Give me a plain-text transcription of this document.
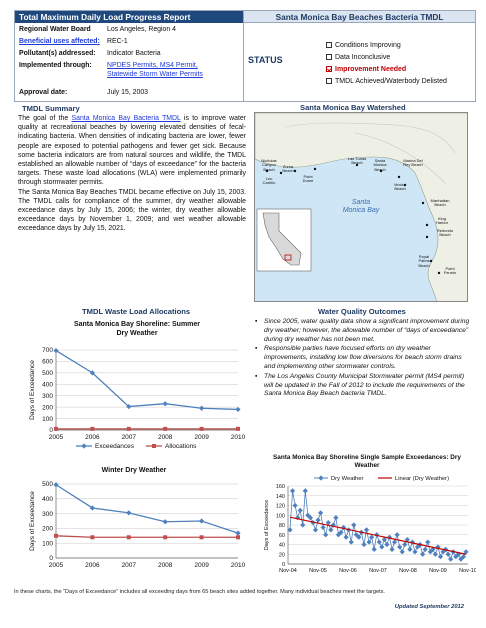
Total Maximum Daily Load Progress Report
Regional Water Board Los Angeles, Region 4
Beneficial uses affected: REC-1
Pollutant(s) addressed: Indicator Bacteria
Implemented through: NPDES Permits, MS4 Permit,
Statewide Storm Water Permits
Approval date:	July 15, 2003
Santa Monica Bay Beaches Bacteria TMDL
STATUS
Conditions Improving
Data Inconclusive
Improvement Needed
TMDL Achieved/Waterbody Delisted
TMDL Summary

The goal of the Santa Monica Bay Bacteria TMDL is to improve water quality at recreational beaches by lowering elevated densities of fecal-indicating bacteria. When densities of indicating bacteria are lower, fewer people are exposed to potential pathogens and fewer get sick. Because some bacteria indicators are from natural sources and wildlife, the TMDL established an allowable number of “days of exceedance” for the bacteria targets. These waste load allocations (WLA) were implemented primarily through stormwater permits.

The Santa Monica Bay Beaches TMDL became effective on July 15, 2003. The TMDL calls for compliance of the summer, dry weather allowable exceedance days by July 15, 2006; the winter, dry weather allowable exceedance days by November 1, 2009; and wet weather allowable exceedance days by July 15, 2021.

Santa Monica Bay Watershed
Nicholas Canyon Beach
Zuma Beach
Leo Carrillo
Point Dume
Las Tunas Beach	Santa Monica Beach
Marina Del Rey Beach
Venice Beach
Manhattan Beach
King Harbor
Redondo Beach
Royal Palms Beach
Point Fermin
Santa Monica Bay
Water Quality Outcomes
▪ Since 2005, water quality data show a significant improvement during dry weather; however, the allowable number of “days of exceedance” during dry weather has not been met.
▪ Responsible parties have focused efforts on dry weather improvements, installing low flow diversions for beach storm drains and implementing other stormwater controls.
▪ The Los Angeles County Municipal Stormwater permit (MS4 permit) will be updated in the Fall of 2012 to include the requirements of the Santa Monica Bay Beach bacteria TMDL.
TMDL Waste Load Allocations
Santa Monica Bay Shoreline: Summer Dry Weather
0
100
200
300
400
500
600
700
2005	2006	2007	2008	2009	2010
Days of Exceedance
Exceedances	Allocations
Winter Dry Weather
0
100
200
300
400
500
2005	2006	2007	2008	2009	2010
Days of Exceedance
Santa Monica Bay Shoreline Single Sample Exceedances: Dry Weather
0
20
40
60
80
100
120
140
160
Nov-04 Nov-05 Nov-06 Nov-07 Nov-08 Nov-09 Nov-10
Days of Exceedance
Dry Weather	Linear (Dry Weather)
In these charts, the “Days of Exceedance” includes all exceeding days from 65 beach sites added together. Many individual beaches meet the targets.
Updated September 2012
